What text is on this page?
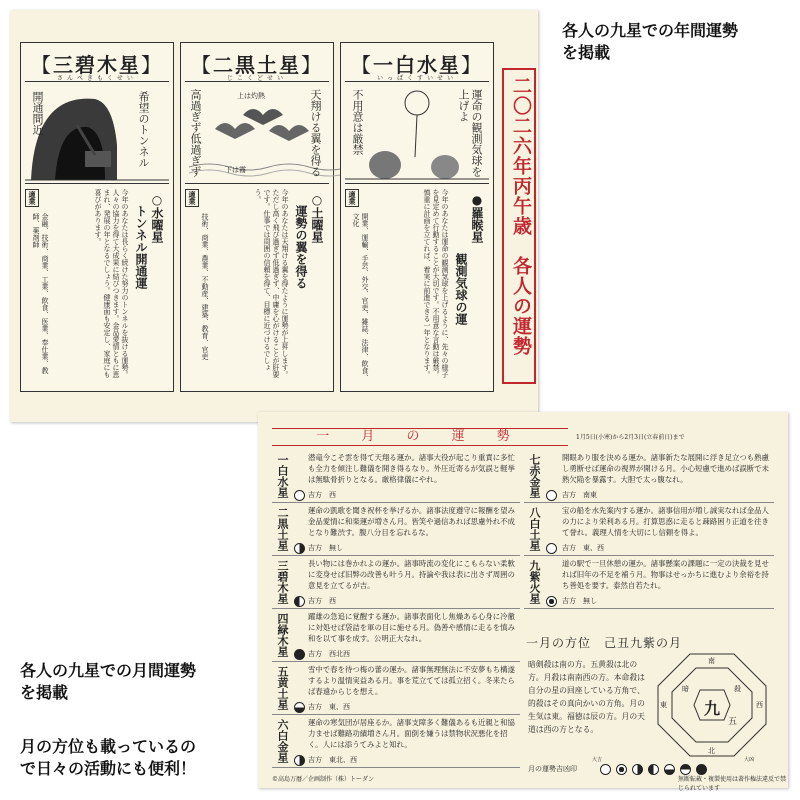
【 三碧木星 】
さんぺきもくせい
開通間近	希望のトンネル
○水曜星
トンネル開通運
今年のあなたは長らく続けた努力のトンネルを抜ける運勢。人々の協力を得て大成果に結びつきます。金品愛情ともに恵まれ、発展の年となるでしょう。健康面も安定し、家庭にも喜びがあります。
適業
金融、技術、商業、工業、飲食、医業、奉仕業、教師、薬剤師
【 二黒土星 】
じこくどせい
天翔ける翼を得る
高過ぎず低過ぎず	上は灼熱
下は霧
○土曜星
運勢の翼を得る
今年のあなたは天翔ける翼を得たように運勢が上昇します。ただし高く飛び過ぎず低過ぎず、中庸を心がけることが肝要です。仕事では周囲の信頼を得て、目標に近づけるでしょう。
適業
技術、商業、農業、不動産、建築、教育、官吏
【 一白水星 】
いっぱくすいせい
運命の観測気球を上げよ
不用意は厳禁
●羅睺星
観測気球の運
今年のあなたは運命の観測気球を上げるように、先々の様子を見定めて行動することが大切です。不用意な言動は厳禁。慎重に計画を立てれば、着実に前進できる一年となります。
適業
開業、運輸、手芸、外交、官吏、雑誌、法律、飲食、文化	二〇二六年丙午歳　各人の運勢
各人の九星での年間運勢
を掲載
各人の九星での月間運勢
を掲載
月の方位も載っているの
で日々の活動にも便利！
一 月 の 運 勢	1月5日(小寒)から2月3日(立春前日)まで
一白水星	潜竜今こそ雲を得て天翔る運か。諸事大役が起こり重責に多忙も全力を傾注し難儀を開き得るなり。外圧近寄るが気誤と軽挙は無駄骨折りとなる。厳格律儀にやれ。
吉方　西
二黒土星	運命の凱歌を聞き祝杯を挙げるか。諸事法度遵守に報酬を望み金品愛情に和楽運が増さん月。皆笑や過信あれば思慮外れ不成となり難渋す。腹八分目を忘れるな。
吉方　無し
三碧木星	長い物には巻かれよの運か。諸事時流の変化にこもらない柔軟に変身せば旧弊の改善も叶う月。持論や我は表に出さず周囲の意見を立てるが吉。
吉方　西
四緑木星	躍雄の急追に覚醒する運か。諸事表面化し焦燥ある心身に冷徹に対処せば袋詰を軍の目に施せる月。偽善や感情に走るを慎み和を以て事を成す。公明正大なれ。
吉方　西北西
五黄土星	雪中で春を待つ梅の蕾の運か。諸事無理無法に不安夢もち構遂するより温情実益ある月。事を荒立てては孤立招く。冬来たらば春遠からじを想え。
吉方　東、西
六白金星	運命の寒気団が居座るか。諸事支障多く難儀あるも近親と和協力ませば難路功績増さん月。面倒を嫌うは禁物状況悪化を招く。人には添うてみよと知れ。
吉方　東北、西
七赤金星	開眼あり服を決める運か。諸事新たな展開に浮き足立つも熟慮し勇断せば運命の視界が開ける月。小心短慮で進めば誤断で未熟欠陥を暴露す。大胆で太っ腹なれ。
吉方　南東
八白土星	宝の船を水先案内する運か。諸事信用が増し誠実なれば金品人の力により栄利ある月。打算思惑に走ると疎路困り正道を往きて誉れ。義理人情を大切にし信頼を得よ。
吉方　東、西
九紫火星	道の駅で一旦休憩の運か。諸事懸案の課題に一定の決裁を見せれば旧年の不足を補う月。物事はせっかちに進むより余裕を持ち善処を要す。泰然自若たれ。
吉方　無し
一月の方位　己丑九紫の月
暗剣殺は南の方。五黄殺は北の方。月殺は南南西の方。本命殺は自分の星の回座している方角で、的殺はその真向かいの方角。月の生気は東。福徳は辰の方。月の天道は西の方となる。
九
南
北
東	西
五
暗	殺
月の運勢吉凶印
大吉	大凶
©高島万暦／企画制作（株）トーダン	無断転載・複製使用は著作権法違反で禁じられています
